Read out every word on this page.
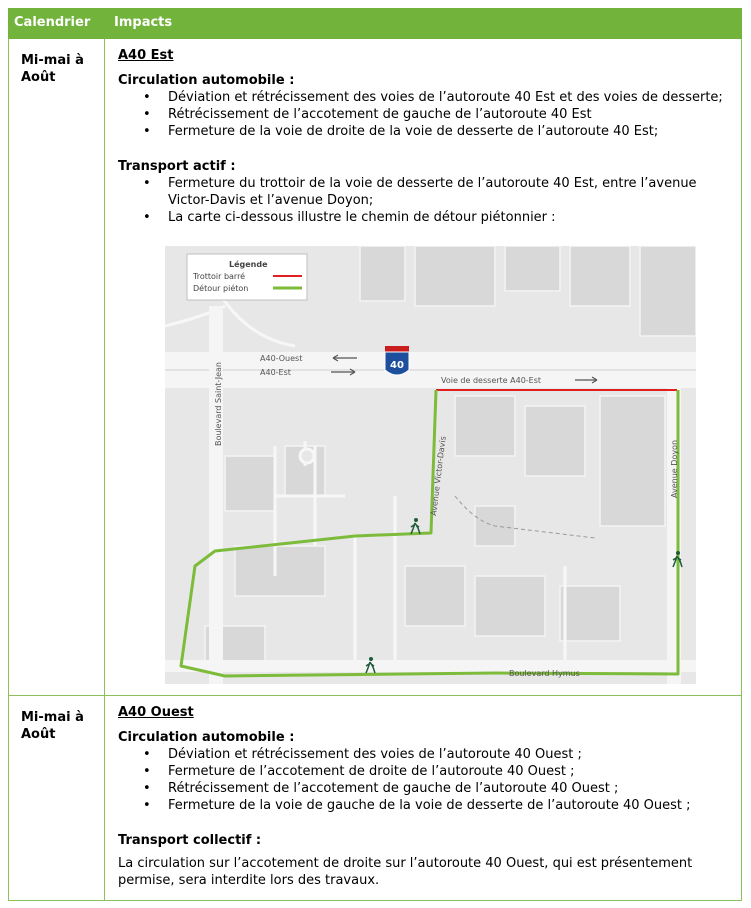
Calendrier Impacts
Mi-mai à
Août
A40 Est
Circulation automobile :
• Déviation et rétrécissement des voies de l’autoroute 40 Est et des voies de desserte;
• Rétrécissement de l’accotement de gauche de l’autoroute 40 Est
• Fermeture de la voie de droite de la voie de desserte de l’autoroute 40 Est;
Transport actif :
• Fermeture du trottoir de la voie de desserte de l’autoroute 40 Est, entre l’avenue Victor-Davis et l’avenue Doyon;
• La carte ci-dessous illustre le chemin de détour piétonnier :
Mi-mai à
Août
A40 Ouest
Circulation automobile :
• Déviation et rétrécissement des voies de l’autoroute 40 Ouest ;
• Fermeture de l’accotement de droite de l’autoroute 40 Ouest ;
• Rétrécissement de l’accotement de gauche de l’autoroute 40 Ouest ;
• Fermeture de la voie de gauche de la voie de desserte de l’autoroute 40 Ouest ;
Transport collectif :
La circulation sur l’accotement de droite sur l’autoroute 40 Ouest, qui est présentement permise, sera interdite lors des travaux.
Légende
Trottoir barré
Détour piéton
A40-Ouest
A40-Est
40
Voie de desserte A40-Est
Boulevard Saint-Jean
Avenue Victor-Davis	Avenue Doyon
Boulevard Hymus
